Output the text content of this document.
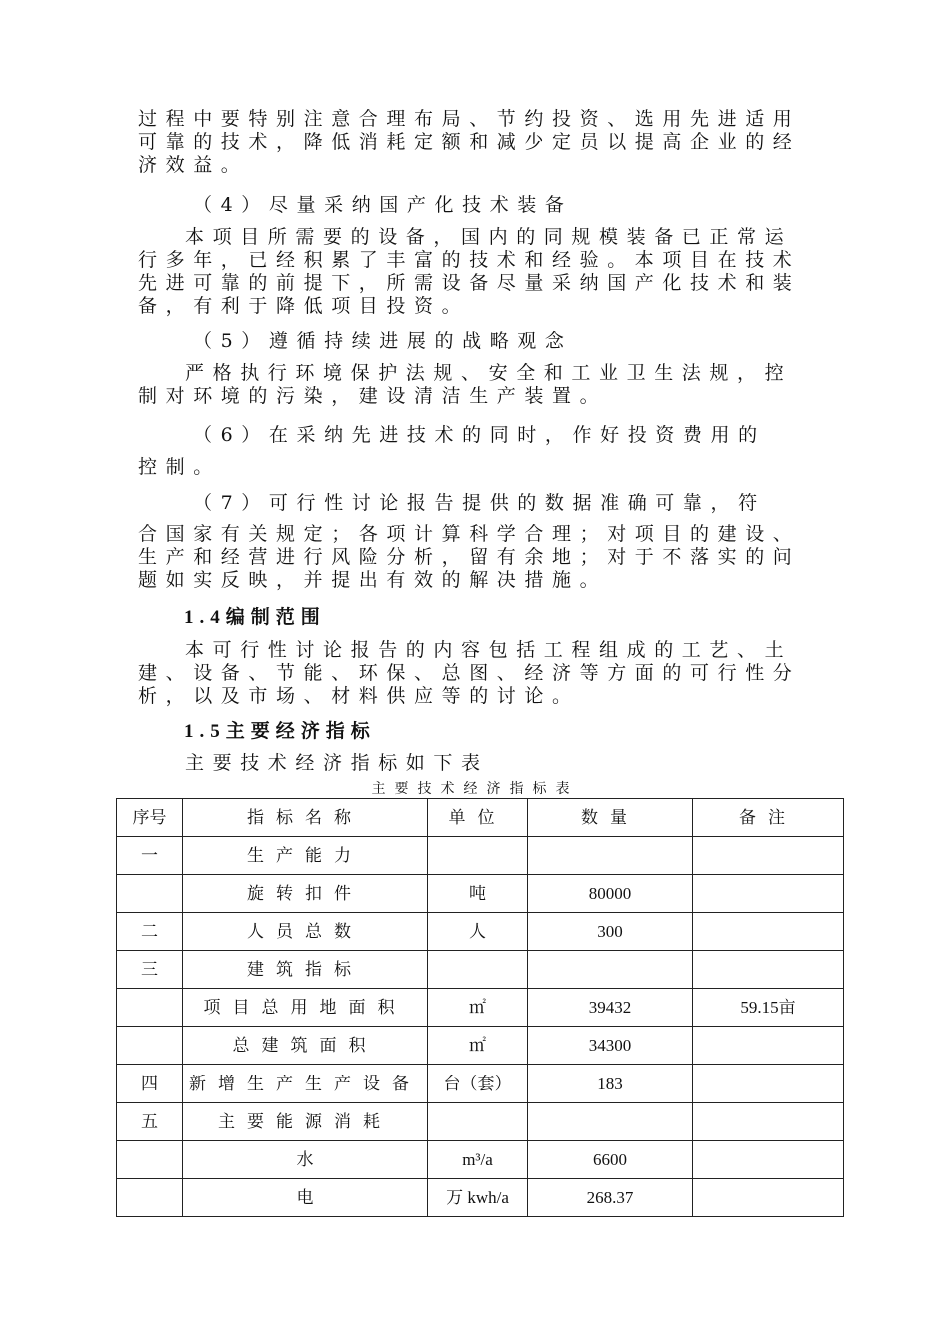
过程中要特别注意合理布局、节约投资、选用先进适用可靠的技术，降低消耗定额和减少定员以提高企业的经济效益。

（4）尽量采纳国产化技术装备

本项目所需要的设备，国内的同规模装备已正常运行多年，已经积累了丰富的技术和经验。本项目在技术先进可靠的前提下，所需设备尽量采纳国产化技术和装备，有利于降低项目投资。

（5）遵循持续进展的战略观念

严格执行环境保护法规、安全和工业卫生法规，控制对环境的污染，建设清洁生产装置。

（6）在采纳先进技术的同时，作好投资费用的

控制。

（7）可行性讨论报告提供的数据准确可靠，符

合国家有关规定；各项计算科学合理；对项目的建设、生产和经营进行风险分析，留有余地；对于不落实的问题如实反映，并提出有效的解决措施。

1.4编制范围

本可行性讨论报告的内容包括工程组成的工艺、土建、设备、节能、环保、总图、经济等方面的可行性分析，以及市场、材料供应等的讨论。

1.5主要经济指标

主要技术经济指标如下表

主要技术经济指标表
序号	指标名称	单位	数量	备注
一	生产能力			
	旋转扣件	吨	80000	
二	人员总数	人	300	
三	建筑指标			
	项目总用地面积	㎡	39432	59.15亩
	总建筑面积	㎡	34300	
四	新增生产生产设备	台（套）	183	
五	主要能源消耗			
	水	m³/a	6600	
	电	万 kwh/a	268.37	
